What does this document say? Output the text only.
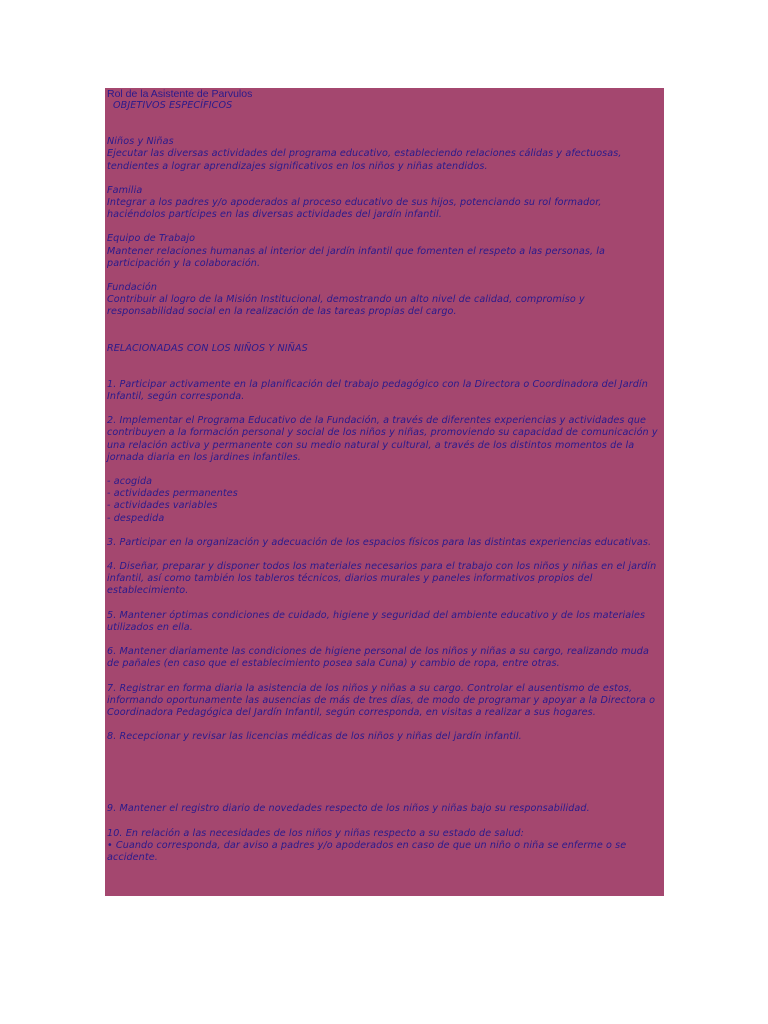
Rol de la Asistente de Parvulos

OBJETIVOS ESPECÍFICOS

Niños y Niñas

Ejecutar las diversas actividades del programa educativo, estableciendo relaciones cálidas y afectuosas, tendientes a lograr aprendizajes significativos en los niños y niñas atendidos.

Familia

Integrar a los padres y/o apoderados al proceso educativo de sus hijos, potenciando su rol formador, haciéndolos partícipes en las diversas actividades del jardín infantil.

Equipo de Trabajo

Mantener relaciones humanas al interior del jardín infantil que fomenten el respeto a las personas, la participación y la colaboración.

Fundación

Contribuir al logro de la Misión Institucional, demostrando un alto nivel de calidad, compromiso y responsabilidad social en la realización de las tareas propias del cargo.

RELACIONADAS CON LOS NIÑOS Y NIÑAS

1. Participar activamente en la planificación del trabajo pedagógico con la Directora o Coordinadora del Jardín Infantil, según corresponda.

2. Implementar el Programa Educativo de la Fundación, a través de diferentes experiencias y actividades que contribuyen a la formación personal y social de los niños y niñas, promoviendo su capacidad de comunicación y una relación activa y permanente con su medio natural y cultural, a través de los distintos momentos de la jornada diaria en los jardines infantiles.

- acogida

- actividades permanentes

- actividades variables

- despedida

3. Participar en la organización y adecuación de los espacios físicos para las distintas experiencias educativas.

4. Diseñar, preparar y disponer todos los materiales necesarios para el trabajo con los niños y niñas en el jardín infantil, así como también los tableros técnicos, diarios murales y paneles informativos propios del establecimiento.

5. Mantener óptimas condiciones de cuidado, higiene y seguridad del ambiente educativo y de los materiales utilizados en ella.

6. Mantener diariamente las condiciones de higiene personal de los niños y niñas a su cargo, realizando muda de pañales (en caso que el establecimiento posea sala Cuna) y cambio de ropa, entre otras.

7. Registrar en forma diaria la asistencia de los niños y niñas a su cargo. Controlar el ausentismo de estos, informando oportunamente las ausencias de más de tres días, de modo de programar y apoyar a la Directora o Coordinadora Pedagógica del Jardín Infantil, según corresponda, en visitas a realizar a sus hogares.

8. Recepcionar y revisar las licencias médicas de los niños y niñas del jardín infantil.

9. Mantener el registro diario de novedades respecto de los niños y niñas bajo su responsabilidad.

10. En relación a las necesidades de los niños y niñas respecto a su estado de salud:

• Cuando corresponda, dar aviso a padres y/o apoderados en caso de que un niño o niña se enferme o se accidente.
